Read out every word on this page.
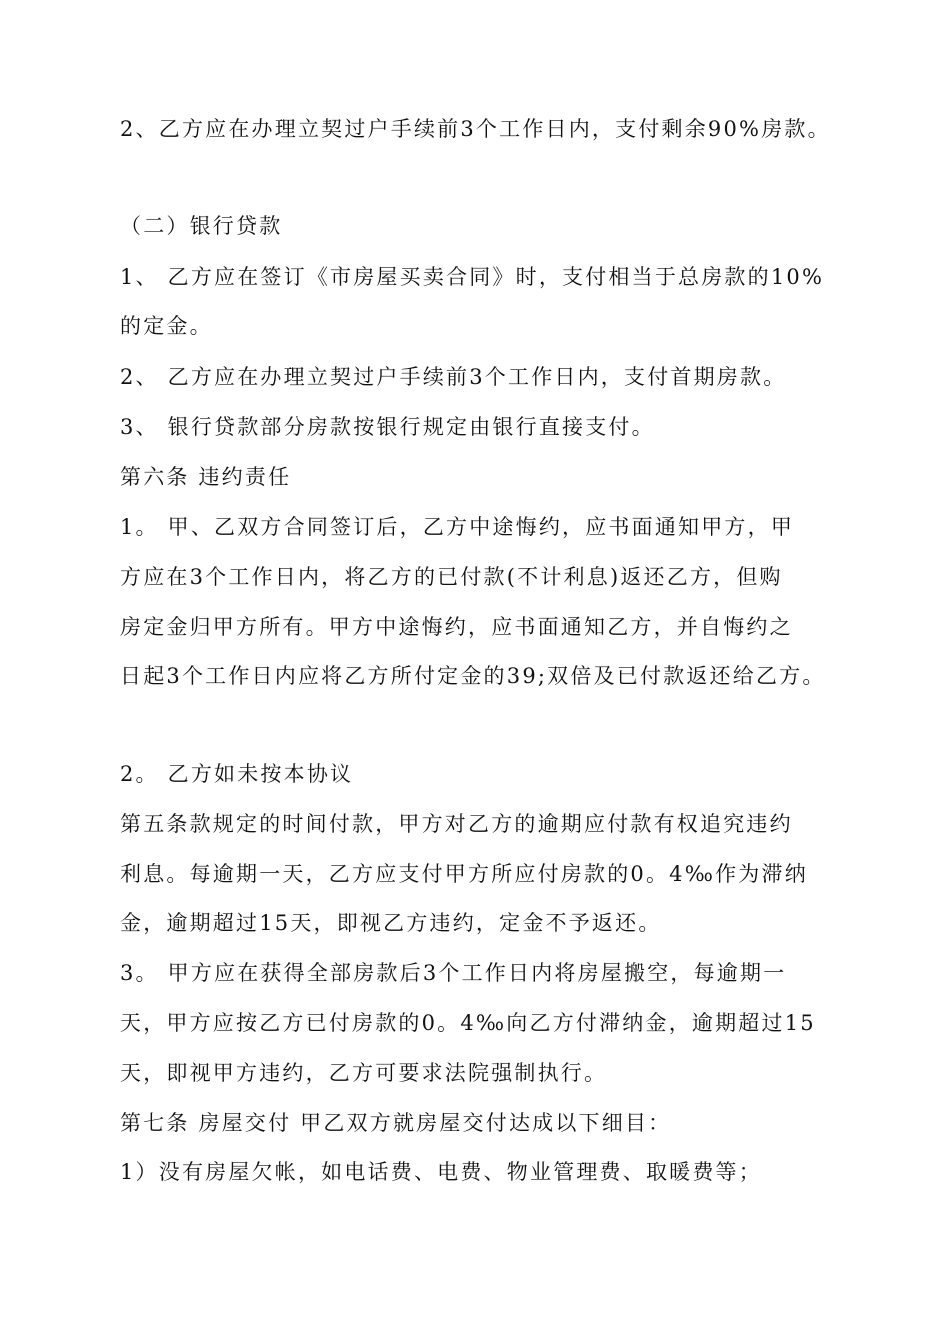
2、乙方应在办理立契过户手续前3个工作日内，支付剩余90%房款。
（二）银行贷款
1、 乙方应在签订《市房屋买卖合同》时，支付相当于总房款的10%
的定金。
2、 乙方应在办理立契过户手续前3个工作日内，支付首期房款。
3、 银行贷款部分房款按银行规定由银行直接支付。
第六条 违约责任
1。 甲、乙双方合同签订后，乙方中途悔约，应书面通知甲方，甲
方应在3个工作日内，将乙方的已付款(不计利息)返还乙方，但购
房定金归甲方所有。甲方中途悔约，应书面通知乙方，并自悔约之
日起3个工作日内应将乙方所付定金的39;双倍及已付款返还给乙方。
2。 乙方如未按本协议
第五条款规定的时间付款，甲方对乙方的逾期应付款有权追究违约
利息。每逾期一天，乙方应支付甲方所应付房款的0。4‰作为滞纳
金，逾期超过15天，即视乙方违约，定金不予返还。
3。 甲方应在获得全部房款后3个工作日内将房屋搬空，每逾期一
天，甲方应按乙方已付房款的0。4‰向乙方付滞纳金，逾期超过15
天，即视甲方违约，乙方可要求法院强制执行。
第七条 房屋交付 甲乙双方就房屋交付达成以下细目：
1）没有房屋欠帐，如电话费、电费、物业管理费、取暖费等；
